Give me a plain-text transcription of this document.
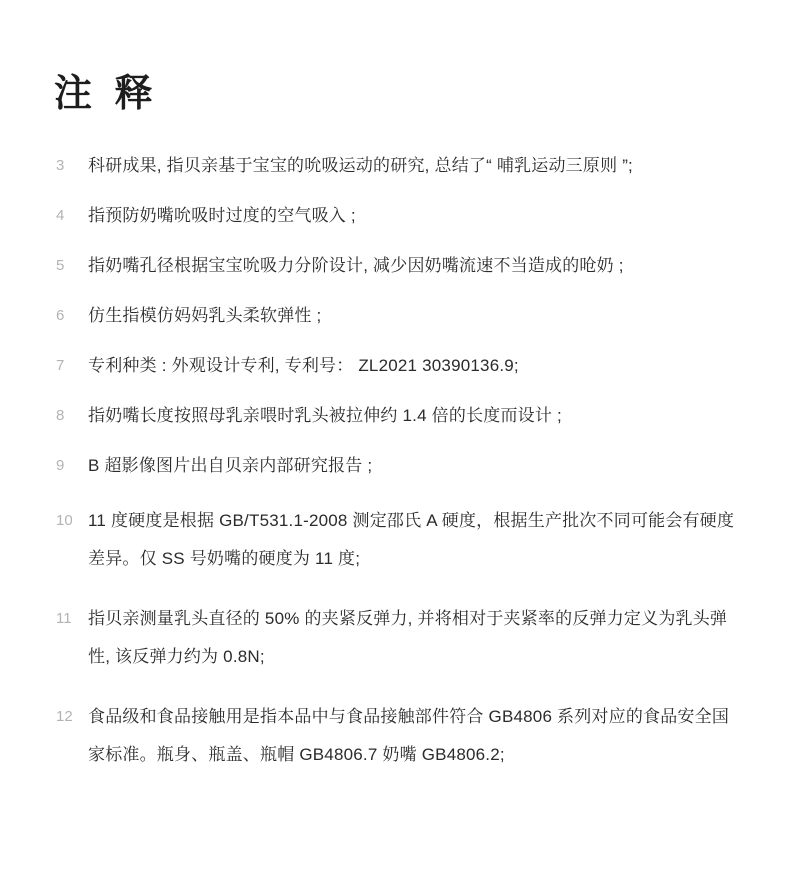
注 释
3	科研成果, 指贝亲基于宝宝的吮吸运动的研究, 总结了“ 哺乳运动三原则 ”;
4	指预防奶嘴吮吸时过度的空气吸入 ;
5	指奶嘴孔径根据宝宝吮吸力分阶设计, 减少因奶嘴流速不当造成的呛奶 ;
6	仿生指模仿妈妈乳头柔软弹性 ;
7	专利种类 : 外观设计专利, 专利号： ZL2021 30390136.9;
8	指奶嘴长度按照母乳亲喂时乳头被拉伸约 1.4 倍的长度而设计 ;
9	B 超影像图片出自贝亲内部研究报告 ;
10 11 度硬度是根据 GB/T531.1-2008 测定邵氏 A 硬度，根据生产批次不同可能会有硬度差异。仅 SS 号奶嘴的硬度为 11 度;
11 指贝亲测量乳头直径的 50% 的夹紧反弹力, 并将相对于夹紧率的反弹力定义为乳头弹性, 该反弹力约为 0.8N;
12 食品级和食品接触用是指本品中与食品接触部件符合 GB4806 系列对应的食品安全国家标准。瓶身、瓶盖、瓶帽 GB4806.7 奶嘴 GB4806.2;
